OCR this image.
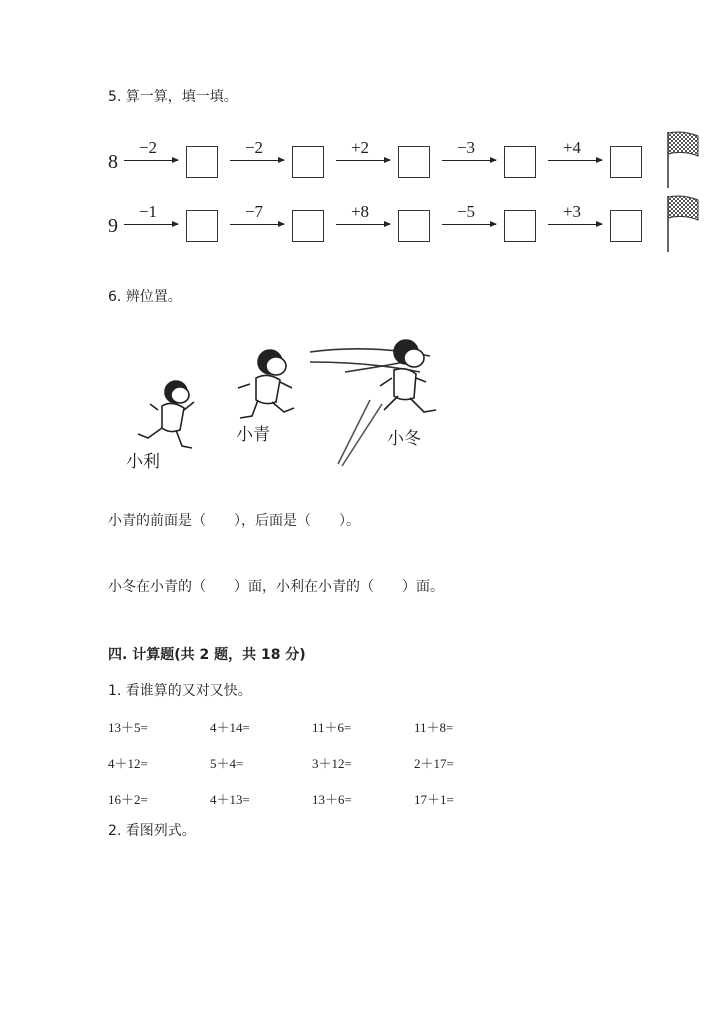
5. 算一算，填一填。
8
−2	−2	+2	−3	+4
9
−1	−7	+8	−5	+3
6. 辨位置。
小利
小青	小冬
小青的前面是（　　），后面是（　　）。
小冬在小青的（　　）面，小利在小青的（　　）面。
四. 计算题(共 2 题，共 18 分)
1. 看谁算的又对又快。
13＋5=	4＋14=	11＋6=	11＋8=
4＋12=	5＋4=	3＋12=	2＋17=
16＋2=	4＋13=	13＋6=	17＋1=
2. 看图列式。
